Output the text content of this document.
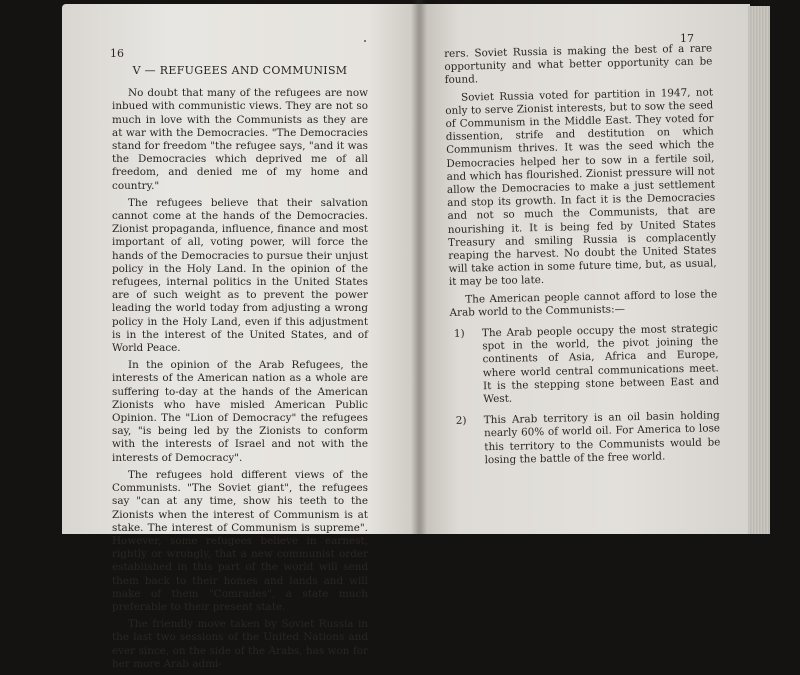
16
V — REFUGEES AND COMMUNISM

No doubt that many of the refugees are now inbued with communistic views. They are not so much in love with the Communists as they are at war with the Democracies. "The Democracies stand for freedom "the refugee says, "and it was the Democracies which deprived me of all freedom, and denied me of my home and country."

The refugees believe that their salvation cannot come at the hands of the Democracies. Zionist propaganda, influence, finance and most important of all, voting power, will force the hands of the Democracies to pursue their unjust policy in the Holy Land. In the opinion of the refugees, internal politics in the United States are of such weight as to prevent the power leading the world today from adjusting a wrong policy in the Holy Land, even if this adjustment is in the interest of the United States, and of World Peace.

In the opinion of the Arab Refugees, the interests of the American nation as a whole are suffering to-day at the hands of the American Zionists who have misled American Public Opinion. The "Lion of Democracy" the refugees say, "is being led by the Zionists to conform with the interests of Israel and not with the interests of Democracy".

The refugees hold different views of the Communists. "The Soviet giant", the refugees say "can at any time, show his teeth to the Zionists when the interest of Communism is at stake. The interest of Communism is supreme". However, some refugees believe in earnest, rightly or wrongly, that a new communist order established in this part of the world will send them back to their homes and lands and will make of them "Comrades", a state much preferable to their present state.

The friendly move taken by Soviet Russia in the last two sessions of the United Nations and ever since, on the side of the Arabs, has won for her more Arab admi-

17

rers. Soviet Russia is making the best of a rare opportunity and what better opportunity can be found.

Soviet Russia voted for partition in 1947, not only to serve Zionist interests, but to sow the seed of Communism in the Middle East. They voted for dissention, strife and destitution on which Communism thrives. It was the seed which the Democracies helped her to sow in a fertile soil, and which has flourished. Zionist pressure will not allow the Democracies to make a just settlement and stop its growth. In fact it is the Democracies and not so much the Communists, that are nourishing it. It is being fed by United States Treasury and smiling Russia is complacently reaping the harvest. No doubt the United States will take action in some future time, but, as usual, it may be too late.

The American people cannot afford to lose the Arab world to the Communists:—

1)	The Arab people occupy the most strategic spot in the world, the pivot joining the continents of Asia, Africa and Europe, where world central communications meet. It is the stepping stone between East and West.

2)	This Arab territory is an oil basin holding nearly 60% of world oil. For America to lose this territory to the Communists would be losing the battle of the free world.
